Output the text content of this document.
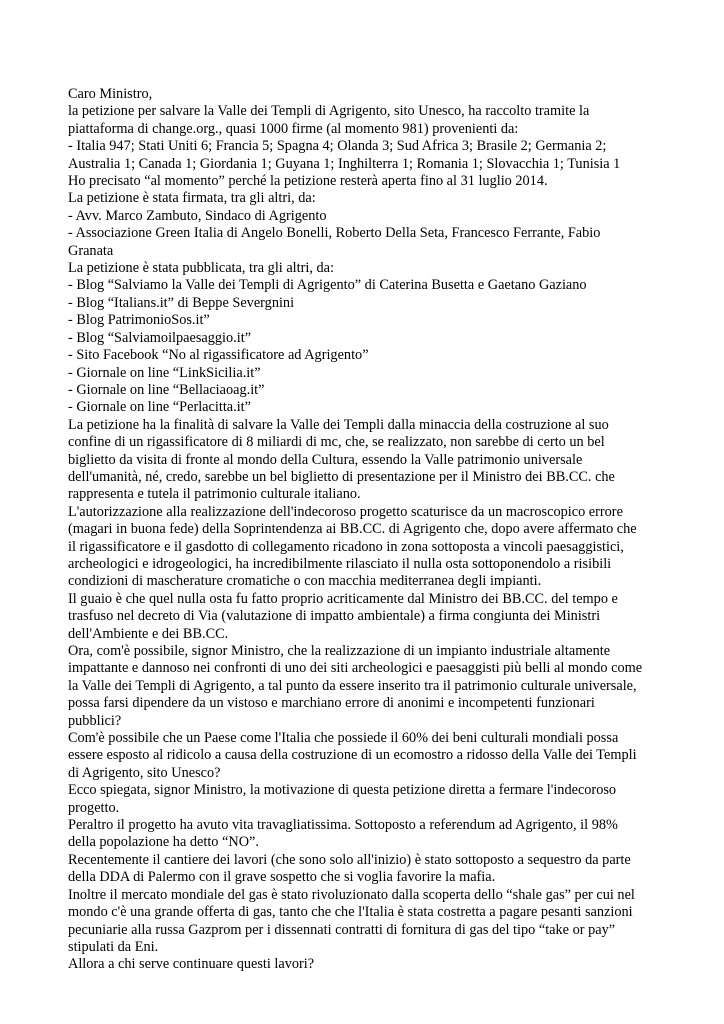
Caro Ministro,
la petizione per salvare la Valle dei Templi di Agrigento, sito Unesco, ha raccolto tramite la
piattaforma di change.org., quasi 1000 firme (al momento 981) provenienti da:
- Italia 947; Stati Uniti 6; Francia 5; Spagna 4; Olanda 3; Sud Africa 3; Brasile 2; Germania 2;
Australia 1; Canada 1; Giordania 1; Guyana 1; Inghilterra 1; Romania 1; Slovacchia 1; Tunisia 1
Ho precisato “al momento” perché la petizione resterà aperta fino al 31 luglio 2014.
La petizione è stata firmata, tra gli altri, da:
- Avv. Marco Zambuto, Sindaco di Agrigento
- Associazione Green Italia di Angelo Bonelli, Roberto Della Seta, Francesco Ferrante, Fabio
Granata
La petizione è stata pubblicata, tra gli altri, da:
- Blog “Salviamo la Valle dei Templi di Agrigento” di Caterina Busetta e Gaetano Gaziano
- Blog “Italians.it” di Beppe Severgnini
- Blog PatrimonioSos.it”
- Blog “Salviamoilpaesaggio.it”
- Sito Facebook “No al rigassificatore ad Agrigento”
- Giornale on line “LinkSicilia.it”
- Giornale on line “Bellaciaoag.it”
- Giornale on line “Perlacitta.it”
La petizione ha la finalità di salvare la Valle dei Templi dalla minaccia della costruzione al suo
confine di un rigassificatore di 8 miliardi di mc, che, se realizzato, non sarebbe di certo un bel
biglietto da visita di fronte al mondo della Cultura, essendo la Valle patrimonio universale
dell'umanità, né, credo, sarebbe un bel biglietto di presentazione per il Ministro dei BB.CC. che
rappresenta e tutela il patrimonio culturale italiano.
L'autorizzazione alla realizzazione dell'indecoroso progetto scaturisce da un macroscopico errore
(magari in buona fede) della Soprintendenza ai BB.CC. di Agrigento che, dopo avere affermato che
il rigassificatore e il gasdotto di collegamento ricadono in zona sottoposta a vincoli paesaggistici,
archeologici e idrogeologici, ha incredibilmente rilasciato il nulla osta sottoponendolo a risibili
condizioni di mascherature cromatiche o con macchia mediterranea degli impianti.
Il guaio è che quel nulla osta fu fatto proprio acriticamente dal Ministro dei BB.CC. del tempo e
trasfuso nel decreto di Via (valutazione di impatto ambientale) a firma congiunta dei Ministri
dell'Ambiente e dei BB.CC.
Ora, com'è possibile, signor Ministro, che la realizzazione di un impianto industriale altamente
impattante e dannoso nei confronti di uno dei siti archeologici e paesaggisti più belli al mondo come
la Valle dei Templi di Agrigento, a tal punto da essere inserito tra il patrimonio culturale universale,
possa farsi dipendere da un vistoso e marchiano errore di anonimi e incompetenti funzionari
pubblici?
Com'è possibile che un Paese come l'Italia che possiede il 60% dei beni culturali mondiali possa
essere esposto al ridicolo a causa della costruzione di un ecomostro a ridosso della Valle dei Templi
di Agrigento, sito Unesco?
Ecco spiegata, signor Ministro, la motivazione di questa petizione diretta a fermare l'indecoroso
progetto.
Peraltro il progetto ha avuto vita travagliatissima. Sottoposto a referendum ad Agrigento, il 98%
della popolazione ha detto “NO”.
Recentemente il cantiere dei lavori (che sono solo all'inizio) è stato sottoposto a sequestro da parte
della DDA di Palermo con il grave sospetto che si voglia favorire la mafia.
Inoltre il mercato mondiale del gas è stato rivoluzionato dalla scoperta dello “shale gas” per cui nel
mondo c'è una grande offerta di gas, tanto che che l'Italia è stata costretta a pagare pesanti sanzioni
pecuniarie alla russa Gazprom per i dissennati contratti di fornitura di gas del tipo “take or pay”
stipulati da Eni.
Allora a chi serve continuare questi lavori?
